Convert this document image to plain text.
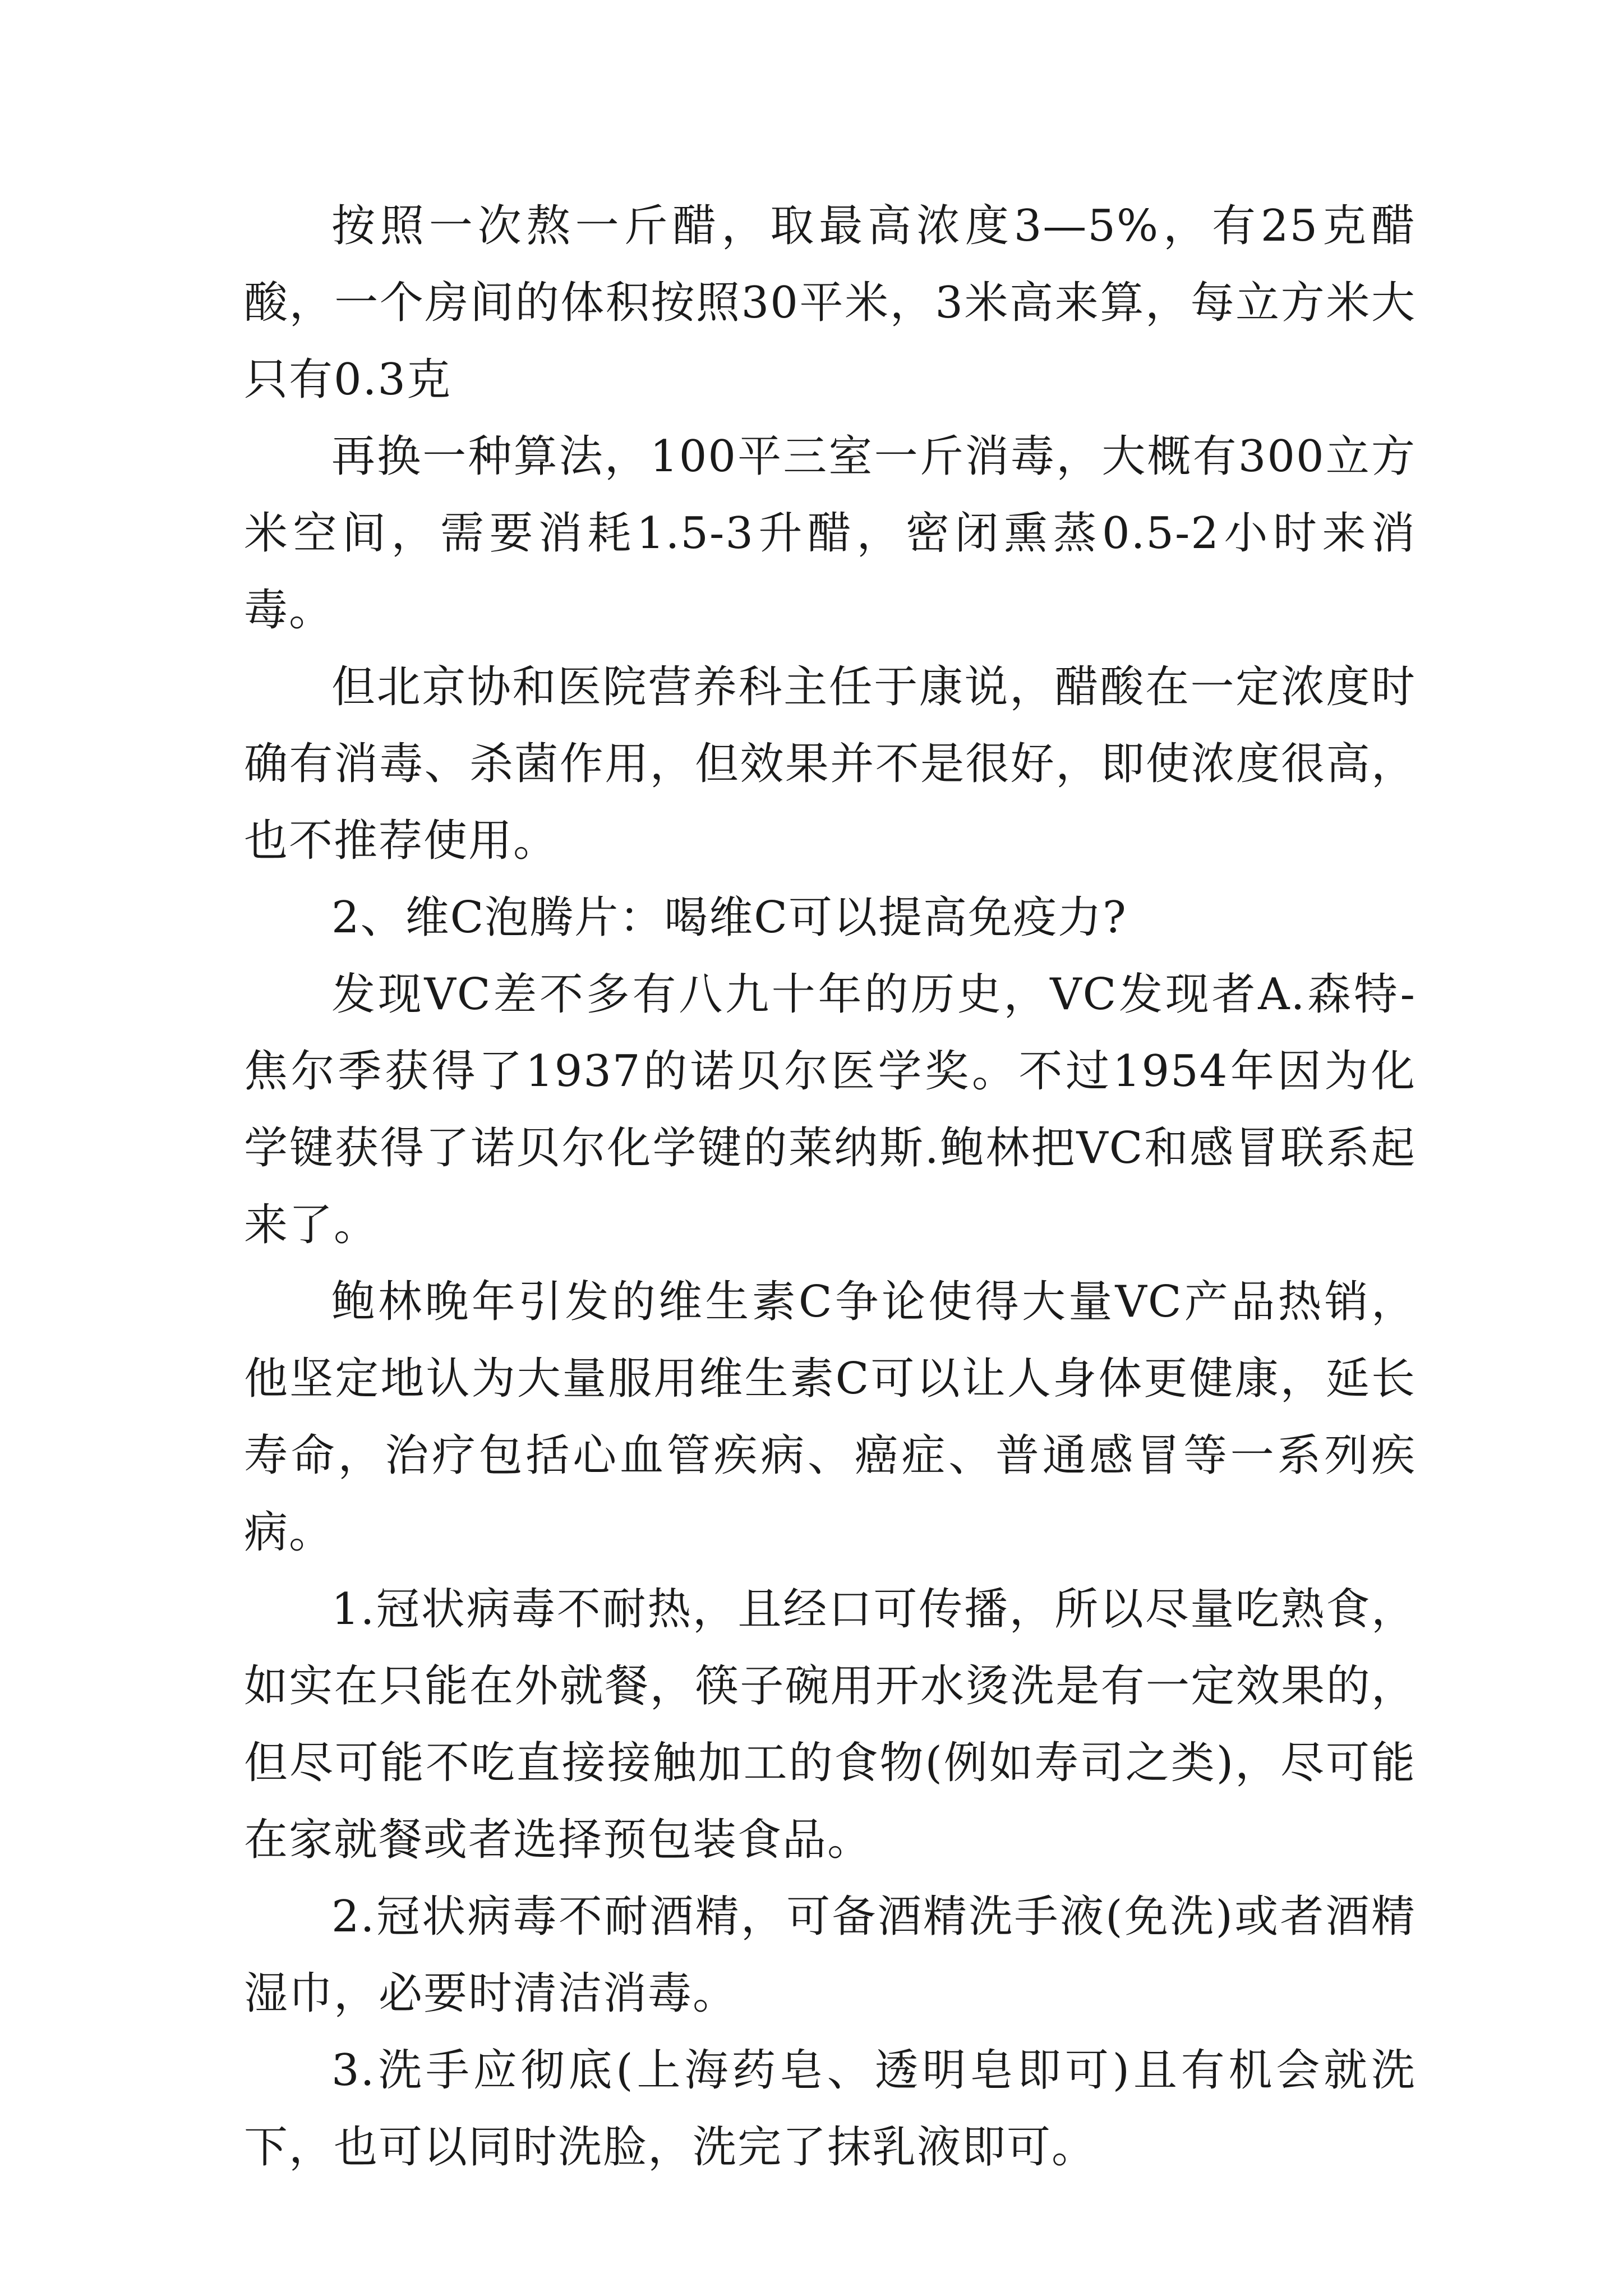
按照一次熬一斤醋，取最高浓度3—5%，有25克醋酸，一个房间的体积按照30平米，3米高来算，每立方米大只有0.3克

再换一种算法，100平三室一斤消毒，大概有300立方米空间，需要消耗1.5-3升醋，密闭熏蒸0.5-2小时来消毒。

但北京协和医院营养科主任于康说，醋酸在一定浓度时确有消毒、杀菌作用，但效果并不是很好，即使浓度很高，也不推荐使用。

2、维C泡腾片：喝维C可以提高免疫力?

发现VC差不多有八九十年的历史，VC发现者A.森特-焦尔季获得了1937的诺贝尔医学奖。不过1954年因为化学键获得了诺贝尔化学键的莱纳斯.鲍林把VC和感冒联系起来了。

鲍林晚年引发的维生素C争论使得大量VC产品热销，他坚定地认为大量服用维生素C可以让人身体更健康，延长寿命，治疗包括心血管疾病、癌症、普通感冒等一系列疾病。

1.冠状病毒不耐热，且经口可传播，所以尽量吃熟食，如实在只能在外就餐，筷子碗用开水烫洗是有一定效果的，但尽可能不吃直接接触加工的食物(例如寿司之类)，尽可能在家就餐或者选择预包装食品。

2.冠状病毒不耐酒精，可备酒精洗手液(免洗)或者酒精湿巾，必要时清洁消毒。

3.洗手应彻底(上海药皂、透明皂即可)且有机会就洗下，也可以同时洗脸，洗完了抹乳液即可。
